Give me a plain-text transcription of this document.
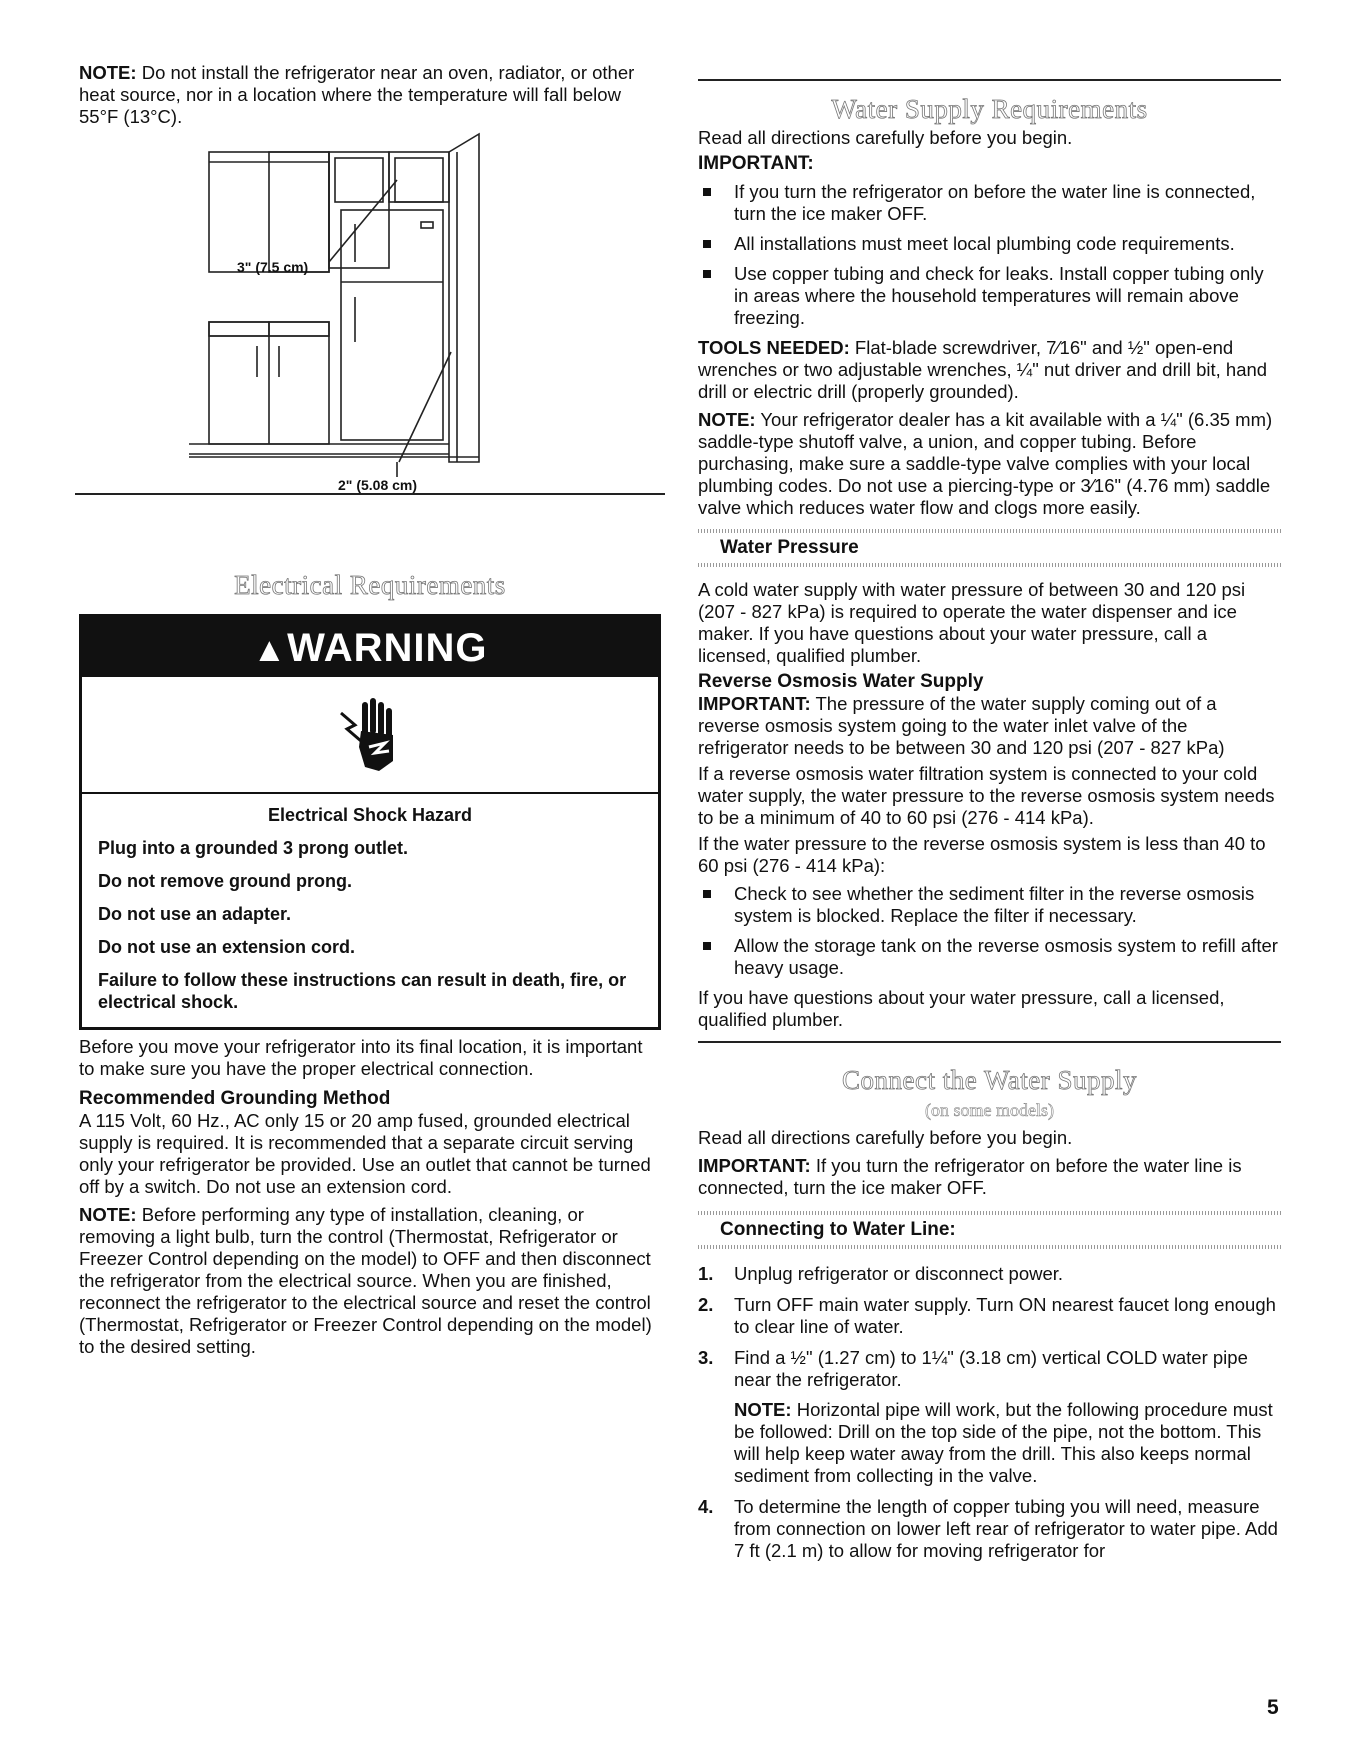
NOTE: Do not install the refrigerator near an oven, radiator, or other heat source, nor in a location where the temperature will fall below 55°F (13°C).

3" (7.5 cm)
2" (5.08 cm)
Electrical Requirements
▲WARNING

Electrical Shock Hazard

Plug into a grounded 3 prong outlet.

Do not remove ground prong.

Do not use an adapter.

Do not use an extension cord.

Failure to follow these instructions can result in death, fire, or electrical shock.

Before you move your refrigerator into its final location, it is important to make sure you have the proper electrical connection.

Recommended Grounding Method

A 115 Volt, 60 Hz., AC only 15 or 20 amp fused, grounded electrical supply is required. It is recommended that a separate circuit serving only your refrigerator be provided. Use an outlet that cannot be turned off by a switch. Do not use an extension cord.

NOTE: Before performing any type of installation, cleaning, or removing a light bulb, turn the control (Thermostat, Refrigerator or Freezer Control depending on the model) to OFF and then disconnect the refrigerator from the electrical source. When you are finished, reconnect the refrigerator to the electrical source and reset the control (Thermostat, Refrigerator or Freezer Control depending on the model) to the desired setting.

Water Supply Requirements

Read all directions carefully before you begin.

IMPORTANT:

If you turn the refrigerator on before the water line is connected, turn the ice maker OFF.
All installations must meet local plumbing code requirements.
Use copper tubing and check for leaks. Install copper tubing only in areas where the household temperatures will remain above freezing.

TOOLS NEEDED: Flat-blade screwdriver, 7⁄16" and ½" open-end wrenches or two adjustable wrenches, ¼" nut driver and drill bit, hand drill or electric drill (properly grounded).

NOTE: Your refrigerator dealer has a kit available with a ¼" (6.35 mm) saddle-type shutoff valve, a union, and copper tubing. Before purchasing, make sure a saddle-type valve complies with your local plumbing codes. Do not use a piercing-type or 3⁄16" (4.76 mm) saddle valve which reduces water flow and clogs more easily.

Water Pressure

A cold water supply with water pressure of between 30 and 120 psi (207 - 827 kPa) is required to operate the water dispenser and ice maker. If you have questions about your water pressure, call a licensed, qualified plumber.

Reverse Osmosis Water Supply

IMPORTANT: The pressure of the water supply coming out of a reverse osmosis system going to the water inlet valve of the refrigerator needs to be between 30 and 120 psi (207 - 827 kPa)

If a reverse osmosis water filtration system is connected to your cold water supply, the water pressure to the reverse osmosis system needs to be a minimum of 40 to 60 psi (276 - 414 kPa).

If the water pressure to the reverse osmosis system is less than 40 to 60 psi (276 - 414 kPa):

Check to see whether the sediment filter in the reverse osmosis system is blocked. Replace the filter if necessary.
Allow the storage tank on the reverse osmosis system to refill after heavy usage.

If you have questions about your water pressure, call a licensed, qualified plumber.

Connect the Water Supply
(on some models)

Read all directions carefully before you begin.

IMPORTANT: If you turn the refrigerator on before the water line is connected, turn the ice maker OFF.

Connecting to Water Line:
1. Unplug refrigerator or disconnect power.
2. Turn OFF main water supply. Turn ON nearest faucet long enough to clear line of water.
3. Find a ½" (1.27 cm) to 1¼" (3.18 cm) vertical COLD water pipe near the refrigerator.

NOTE: Horizontal pipe will work, but the following procedure must be followed: Drill on the top side of the pipe, not the bottom. This will help keep water away from the drill. This also keeps normal sediment from collecting in the valve.

4. To determine the length of copper tubing you will need, measure from connection on lower left rear of refrigerator to water pipe. Add 7 ft (2.1 m) to allow for moving refrigerator for
5
